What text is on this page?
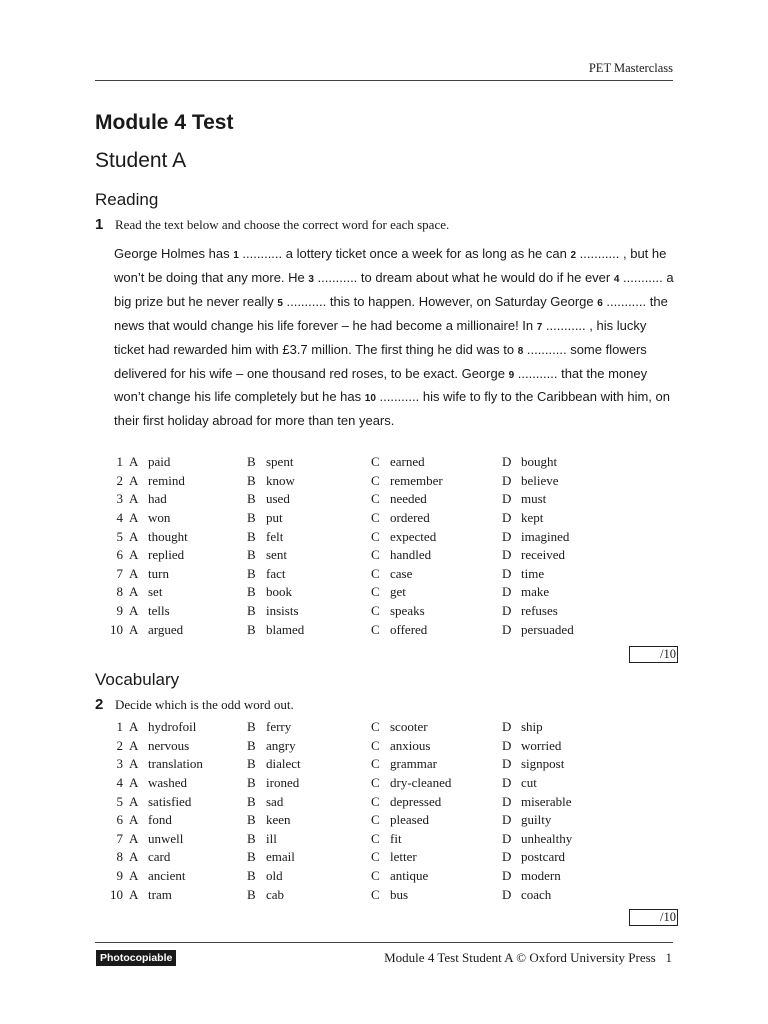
PET Masterclass
Module 4 Test
Student A
Reading
1 Read the text below and choose the correct word for each space.
George Holmes has 1 ........... a lottery ticket once a week for as long as he can 2 ........... , but he won’t be doing that any more. He 3 ........... to dream about what he would do if he ever 4 ........... a big prize but he never really 5 ........... this to happen. However, on Saturday George 6 ........... the news that would change his life forever – he had become a millionaire! In 7 ........... , his lucky ticket had rewarded him with £3.7 million. The first thing he did was to 8 ........... some flowers delivered for his wife – one thousand red roses, to be exact. George 9 ........... that the money won’t change his life completely but he has 10 ........... his wife to fly to the Caribbean with him, on their first holiday abroad for more than ten years.
1	A	paid	B	spent	C	earned	D	bought
2	A	remind	B	know	C	remember	D	believe
3	A	had	B	used	C	needed	D	must
4	A	won	B	put	C	ordered	D	kept
5	A	thought	B	felt	C	expected	D	imagined
6	A	replied	B	sent	C	handled	D	received
7	A	turn	B	fact	C	case	D	time
8	A	set	B	book	C	get	D	make
9	A	tells	B	insists	C	speaks	D	refuses
10	A	argued	B	blamed	C	offered	D	persuaded
/10
Vocabulary
2 Decide which is the odd word out.
1	A	hydrofoil	B	ferry	C	scooter	D	ship
2	A	nervous	B	angry	C	anxious	D	worried
3	A	translation	B	dialect	C	grammar	D	signpost
4	A	washed	B	ironed	C	dry-cleaned	D	cut
5	A	satisfied	B	sad	C	depressed	D	miserable
6	A	fond	B	keen	C	pleased	D	guilty
7	A	unwell	B	ill	C	fit	D	unhealthy
8	A	card	B	email	C	letter	D	postcard
9	A	ancient	B	old	C	antique	D	modern
10	A	tram	B	cab	C	bus	D	coach
/10
Photocopiable	Module 4 Test Student A © Oxford University Press 1
